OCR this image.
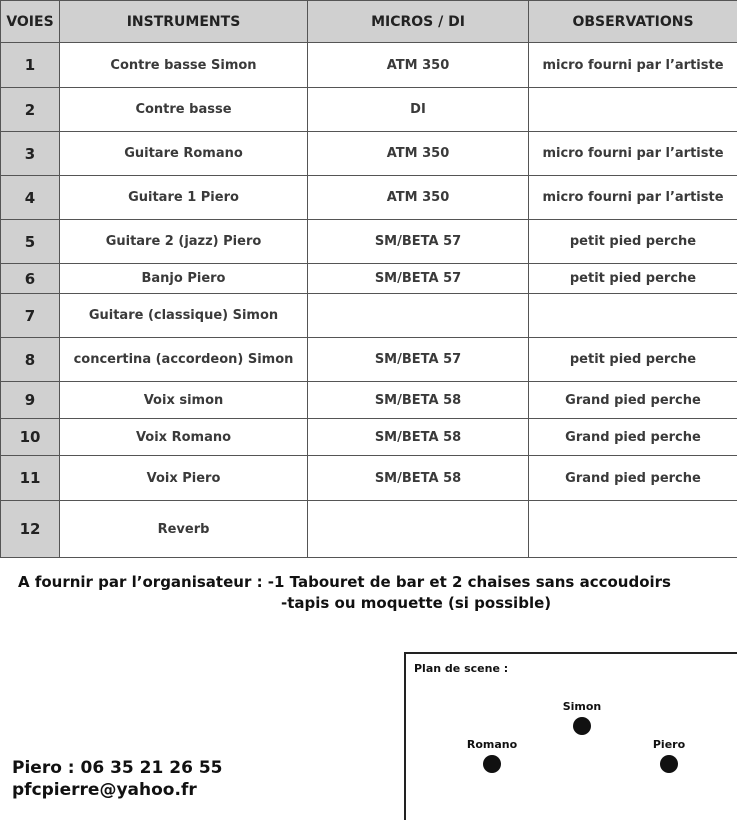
VOIES	INSTRUMENTS	MICROS / DI	OBSERVATIONS
1	Contre basse Simon	ATM 350	micro fourni par l’artiste
2	Contre basse	DI	
3	Guitare Romano	ATM 350	micro fourni par l’artiste
4	Guitare 1 Piero	ATM 350	micro fourni par l’artiste
5	Guitare 2 (jazz) Piero	SM/BETA 57	petit pied perche
6	Banjo Piero	SM/BETA 57	petit pied perche
7	Guitare (classique) Simon		
8	concertina (accordeon) Simon	SM/BETA 57	petit pied perche
9	Voix simon	SM/BETA 58	Grand pied perche
10	Voix Romano	SM/BETA 58	Grand pied perche
11	Voix Piero	SM/BETA 58	Grand pied perche
12	Reverb		
A fournir par l’organisateur : -1 Tabouret de bar et 2 chaises sans accoudoirs
-tapis ou moquette (si possible)
Piero : 06 35 21 26 55
pfcpierre@yahoo.fr
Plan de scene :
Simon
Romano	Piero
